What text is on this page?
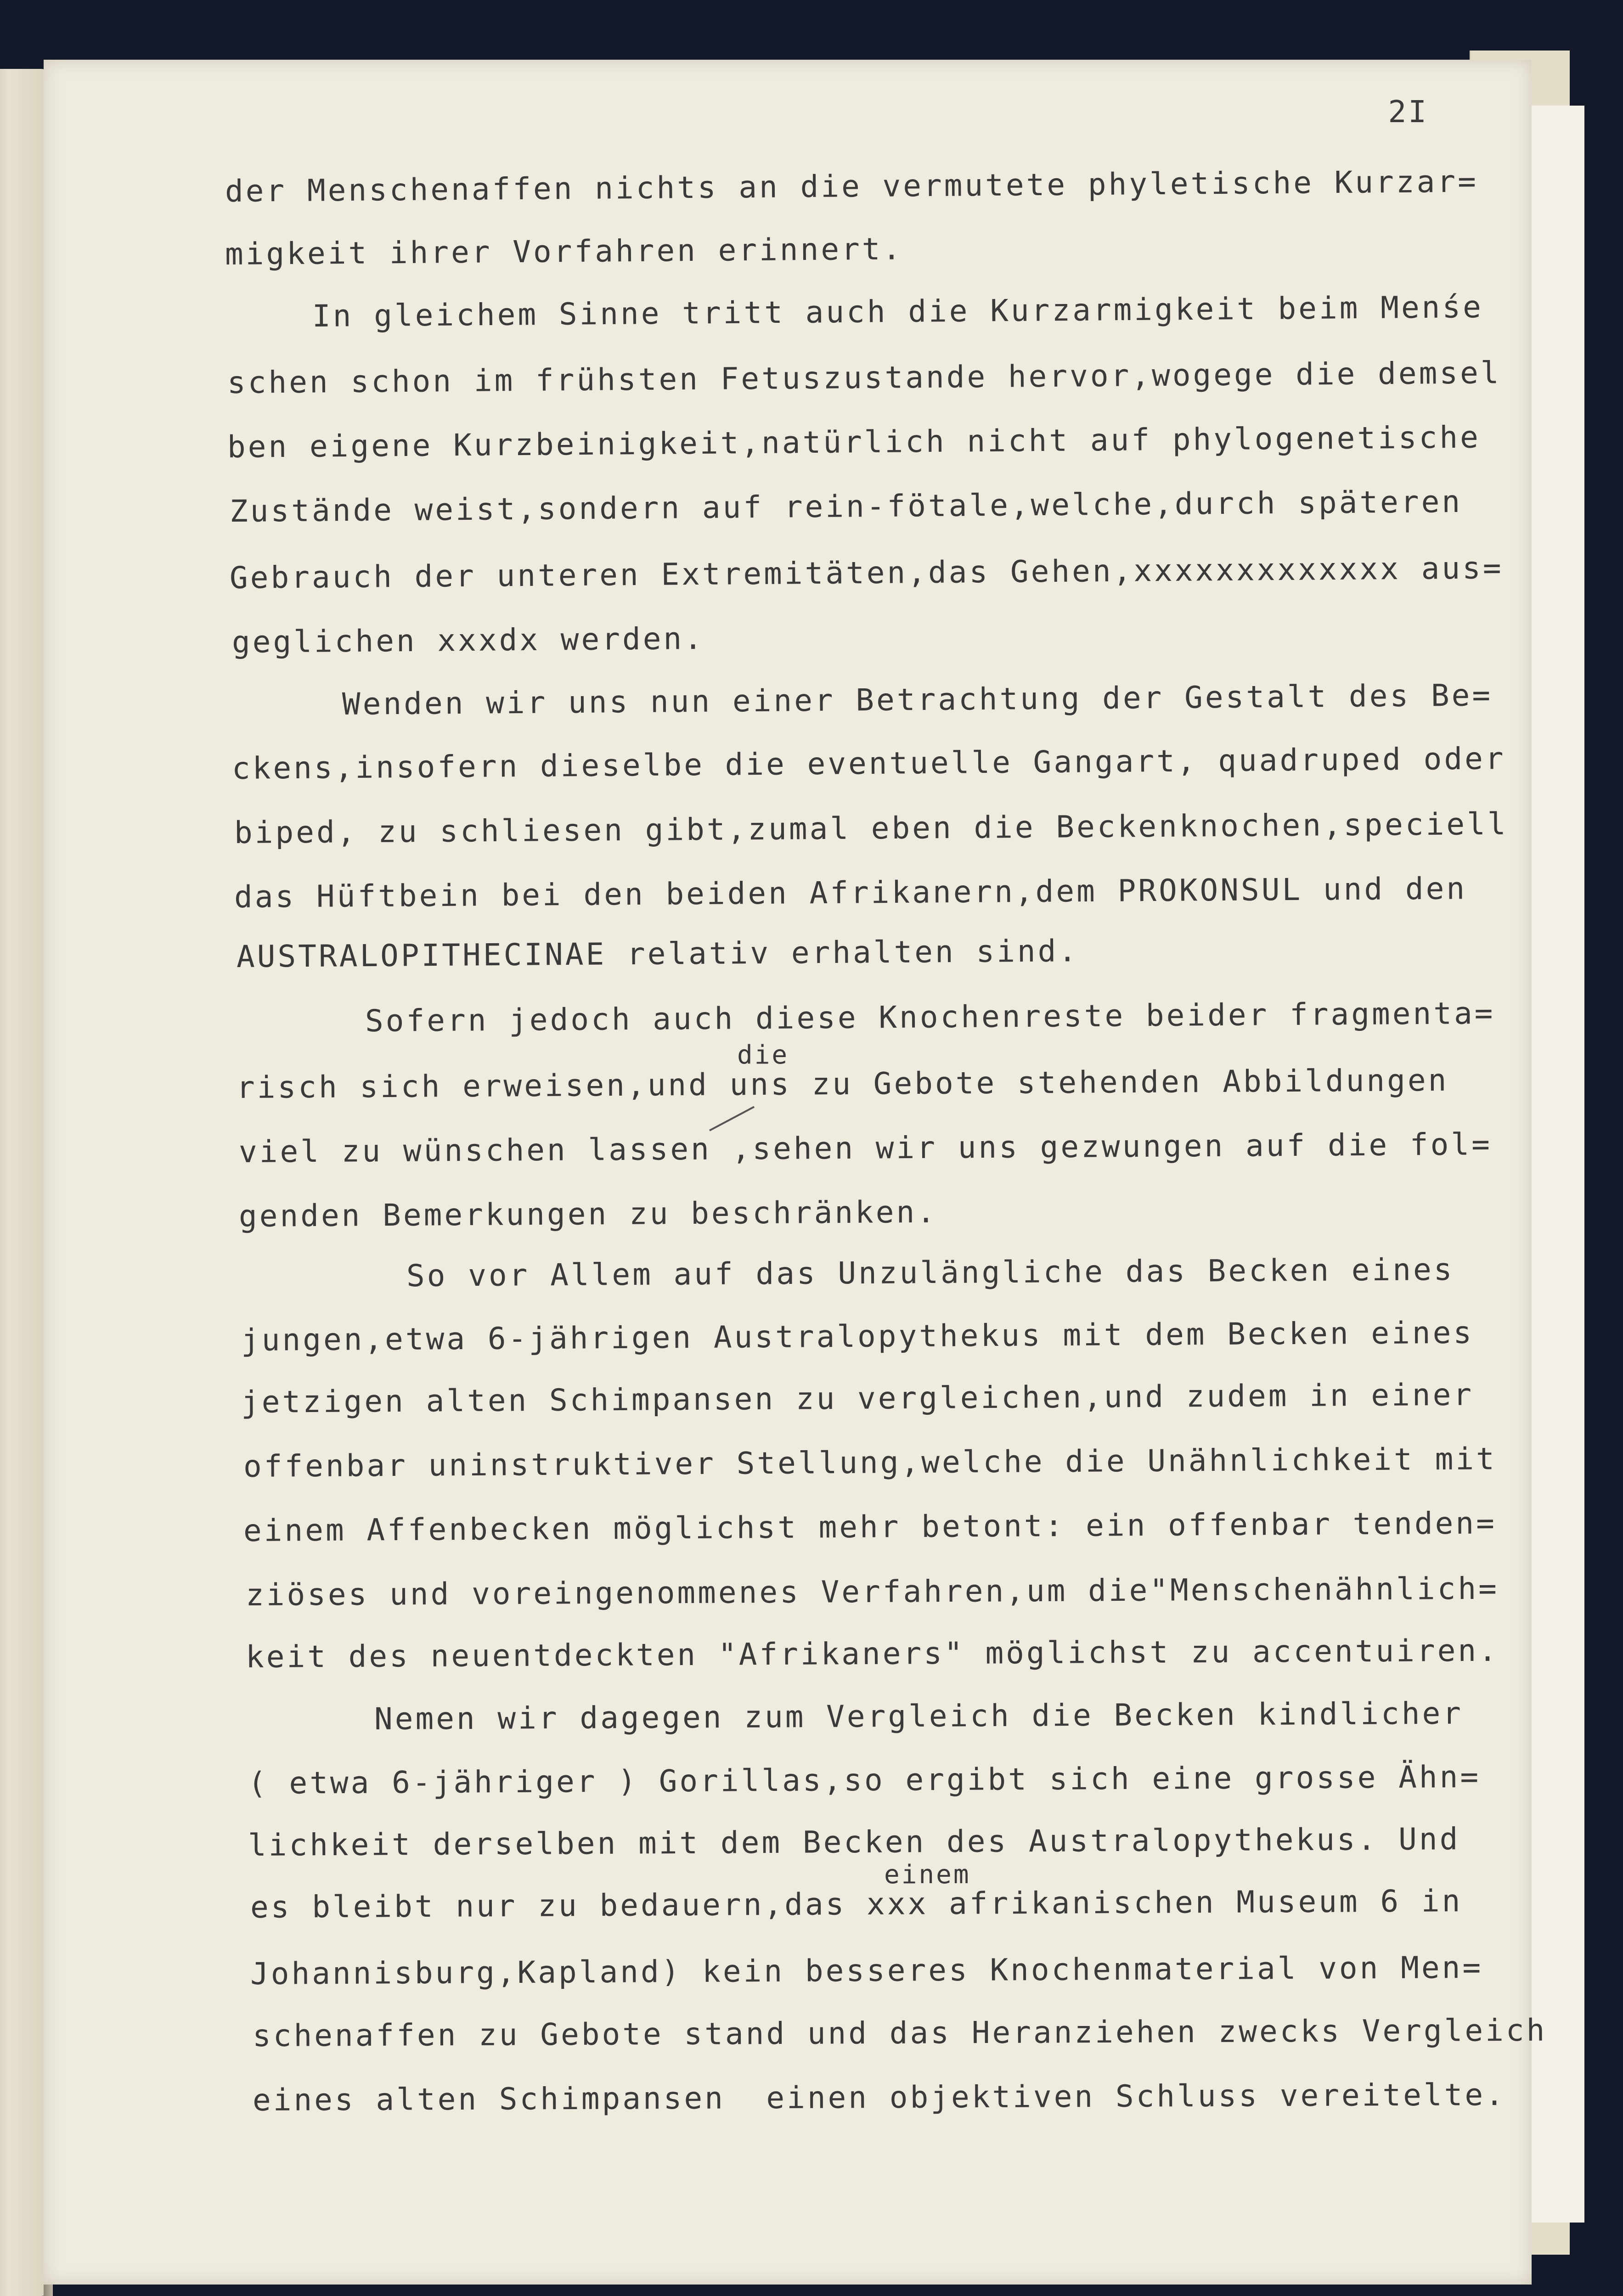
2I
der Menschenaffen nichts an die vermutete phyletische Kurzar=
migkeit ihrer Vorfahren erinnert.
In gleichem Sinne tritt auch die Kurzarmigkeit beim Menśe
schen schon im frühsten Fetuszustande hervor,wogege die demsel
ben eigene Kurzbeinigkeit,natürlich nicht auf phylogenetische
Zustände weist,sondern auf rein-fötale,welche,durch späteren
Gebrauch der unteren Extremitäten,das Gehen,xxxxxxxxxxxxx aus=
geglichen xxxdx werden.
Wenden wir uns nun einer Betrachtung der Gestalt des Be=
ckens,insofern dieselbe die eventuelle Gangart, quadruped oder
biped, zu schliesen gibt,zumal eben die Beckenknochen,speciell
das Hüftbein bei den beiden Afrikanern,dem PROKONSUL und den
AUSTRALOPITHECINAE relativ erhalten sind.
Sofern jedoch auch diese Knochenreste beider fragmenta=
die
risch sich erweisen,und uns zu Gebote stehenden Abbildungen
viel zu wünschen lassen ,sehen wir uns gezwungen auf die fol=
genden Bemerkungen zu beschränken.
So vor Allem auf das Unzulängliche das Becken eines
jungen,etwa 6-jährigen Australopythekus mit dem Becken eines
jetzigen alten Schimpansen zu vergleichen,und zudem in einer
offenbar uninstruktiver Stellung,welche die Unähnlichkeit mit
einem Affenbecken möglichst mehr betont: ein offenbar tenden=
ziöses und voreingenommenes Verfahren,um die"Menschenähnlich=
keit des neuentdeckten "Afrikaners" möglichst zu accentuiren.
Nemen wir dagegen zum Vergleich die Becken kindlicher
( etwa 6-jähriger ) Gorillas,so ergibt sich eine grosse Ähn=
lichkeit derselben mit dem Becken des Australopythekus. Und
einem
es bleibt nur zu bedauern,das xxx afrikanischen Museum 6 in
Johannisburg,Kapland) kein besseres Knochenmaterial von Men=
schenaffen zu Gebote stand und das Heranziehen zwecks Vergleich
eines alten Schimpansen  einen objektiven Schluss vereitelte.
